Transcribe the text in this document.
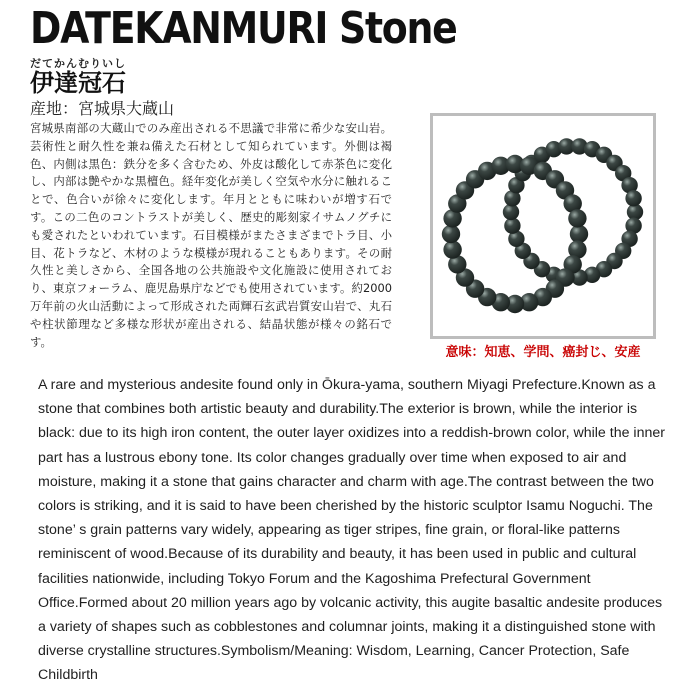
DATEKANMURI Stone
だてかんむりいし
伊達冠石
産地：宮城県大蔵山
宮城県南部の大蔵山でのみ産出される不思議で非常に希少な安山岩。芸術性と耐久性を兼ね備えた石材として知られています。外側は褐色、内側は黒色：鉄分を多く含むため、外皮は酸化して赤茶色に変化し、内部は艶やかな黒檀色。経年変化が美しく空気や水分に触れることで、色合いが徐々に変化します。年月とともに味わいが増す石です。この二色のコントラストが美しく、歴史的彫刻家イサムノグチにも愛されたといわれています。石目模様がまたさまざまでトラ目、小目、花トラなど、木材のような模様が現れることもあります。その耐久性と美しさから、全国各地の公共施設や文化施設に使用されており、東京フォーラム、鹿児島県庁などでも使用されています。約2000万年前の火山活動によって形成された両輝石玄武岩質安山岩で、丸石や柱状節理など多様な形状が産出される、結晶状態が様々の銘石です。
意味：知恵、学問、癌封じ、安産
A rare and mysterious andesite found only in Ōkura-yama, southern Miyagi Prefecture.Known as a stone that combines both artistic beauty and durability.The exterior is brown, while the interior is black: due to its high iron content, the outer layer oxidizes into a reddish-brown color, while the inner part has a lustrous ebony tone. Its color changes gradually over time when exposed to air and moisture, making it a stone that gains character and charm with age.The contrast between the two colors is striking, and it is said to have been cherished by the historic sculptor Isamu Noguchi. The stone’ s grain patterns vary widely, appearing as tiger stripes, fine grain, or floral-like patterns reminiscent of wood.Because of its durability and beauty, it has been used in public and cultural facilities nationwide, including Tokyo Forum and the Kagoshima Prefectural Government Office.Formed about 20 million years ago by volcanic activity, this augite basaltic andesite produces a variety of shapes such as cobblestones and columnar joints, making it a distinguished stone with diverse crystalline structures.Symbolism/Meaning: Wisdom, Learning, Cancer Protection, Safe Childbirth
